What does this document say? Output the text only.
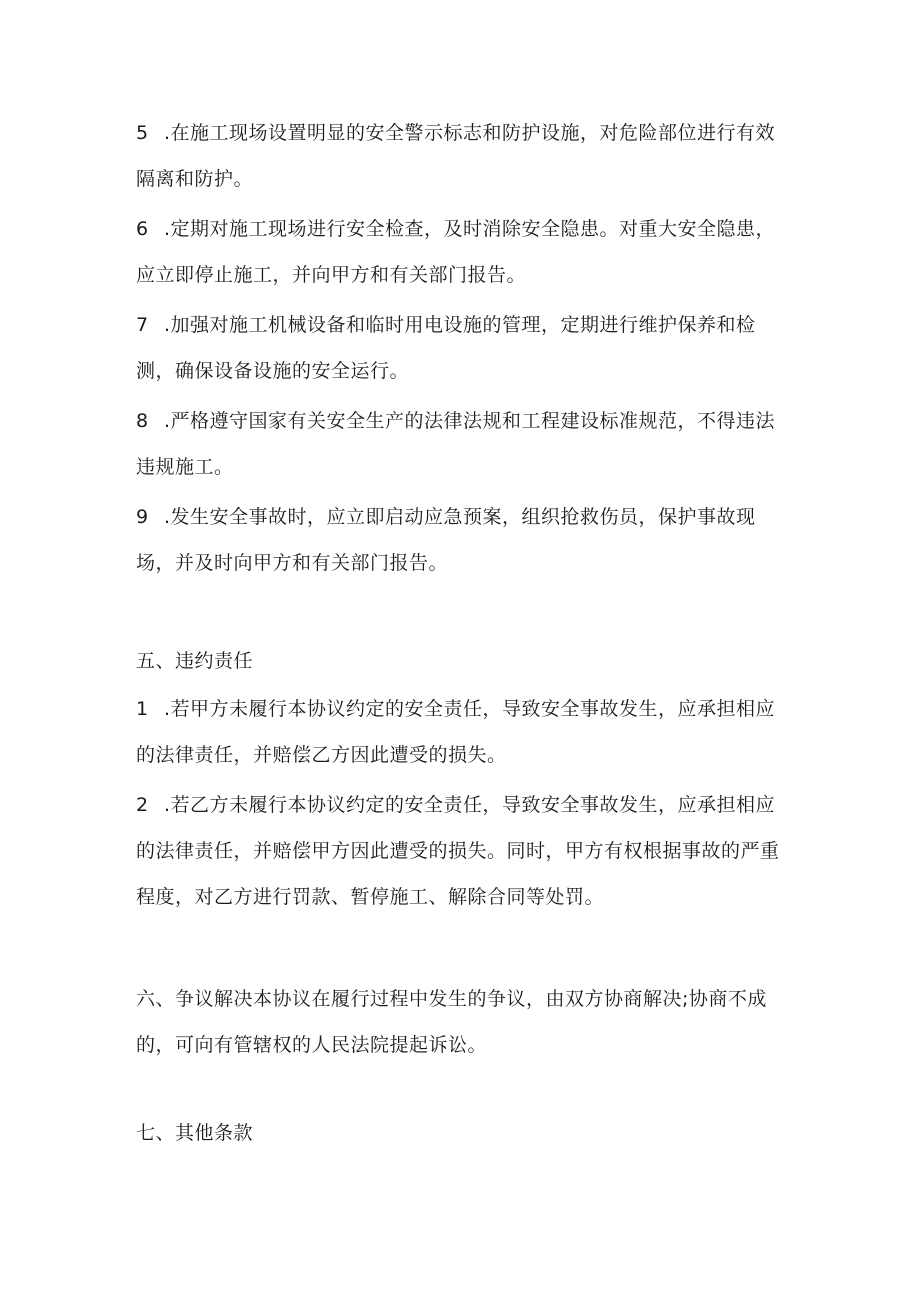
5 .在施工现场设置明显的安全警示标志和防护设施，对危险部位进行有效隔离和防护。

6 .定期对施工现场进行安全检查，及时消除安全隐患。对重大安全隐患，应立即停止施工，并向甲方和有关部门报告。

7 .加强对施工机械设备和临时用电设施的管理，定期进行维护保养和检测，确保设备设施的安全运行。

8 .严格遵守国家有关安全生产的法律法规和工程建设标准规范，不得违法违规施工。

9 .发生安全事故时，应立即启动应急预案，组织抢救伤员，保护事故现场，并及时向甲方和有关部门报告。

五、违约责任

1 .若甲方未履行本协议约定的安全责任，导致安全事故发生，应承担相应的法律责任，并赔偿乙方因此遭受的损失。

2 .若乙方未履行本协议约定的安全责任，导致安全事故发生，应承担相应的法律责任，并赔偿甲方因此遭受的损失。同时，甲方有权根据事故的严重程度，对乙方进行罚款、暂停施工、解除合同等处罚。

六、争议解决本协议在履行过程中发生的争议，由双方协商解决;协商不成的，可向有管辖权的人民法院提起诉讼。

七、其他条款
